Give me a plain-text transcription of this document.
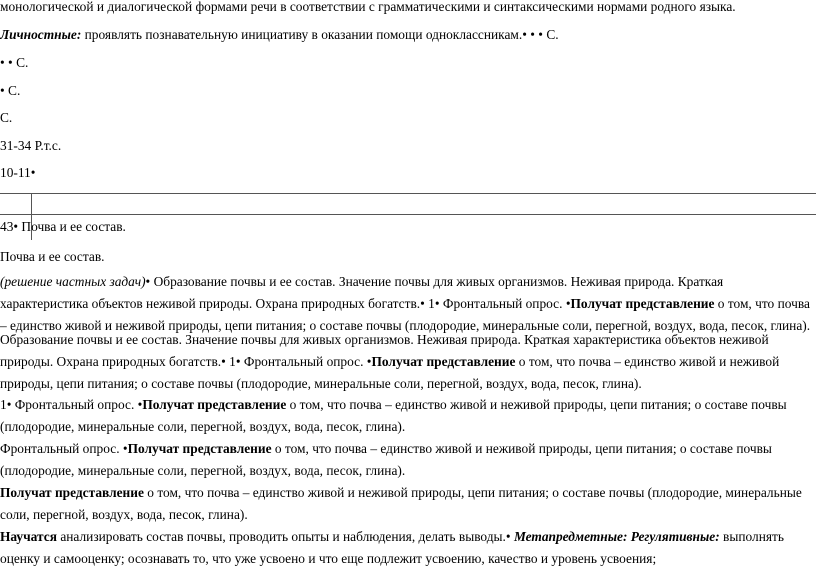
монологической и диалогической формами речи в соответствии с грамматическими и синтаксическими нормами родного языка.
Личностные: проявлять познавательную инициативу в оказании помощи одноклассникам.• • • С.
• • С.
• С.
С.
31-34 Р.т.с.
10-11•
43• Почва и ее состав.
Почва и ее состав.
(решение частных задач)• Образование почвы и ее состав. Значение почвы для живых организмов. Неживая природа. Краткая характеристика объектов неживой природы. Охрана природных богатств.• 1• Фронтальный опрос. •Получат представление о том, что почва – единство живой и неживой природы, цепи питания; о составе почвы (плодородие, минеральные соли, перегной, воздух, вода, песок, глина).
Образование почвы и ее состав. Значение почвы для живых организмов. Неживая природа. Краткая характеристика объектов неживой природы. Охрана природных богатств.• 1• Фронтальный опрос. •Получат представление о том, что почва – единство живой и неживой природы, цепи питания; о составе почвы (плодородие, минеральные соли, перегной, воздух, вода, песок, глина).
1• Фронтальный опрос. •Получат представление о том, что почва – единство живой и неживой природы, цепи питания; о составе почвы (плодородие, минеральные соли, перегной, воздух, вода, песок, глина).
Фронтальный опрос. •Получат представление о том, что почва – единство живой и неживой природы, цепи питания; о составе почвы (плодородие, минеральные соли, перегной, воздух, вода, песок, глина).
Получат представление о том, что почва – единство живой и неживой природы, цепи питания; о составе почвы (плодородие, минеральные соли, перегной, воздух, вода, песок, глина).
Научатся анализировать состав почвы, проводить опыты и наблюдения, делать выводы.• Метапредметные: Регулятивные: выполнять оценку и самооценку; осознавать то, что уже усвоено и что еще подлежит усвоению, качество и уровень усвоения;
